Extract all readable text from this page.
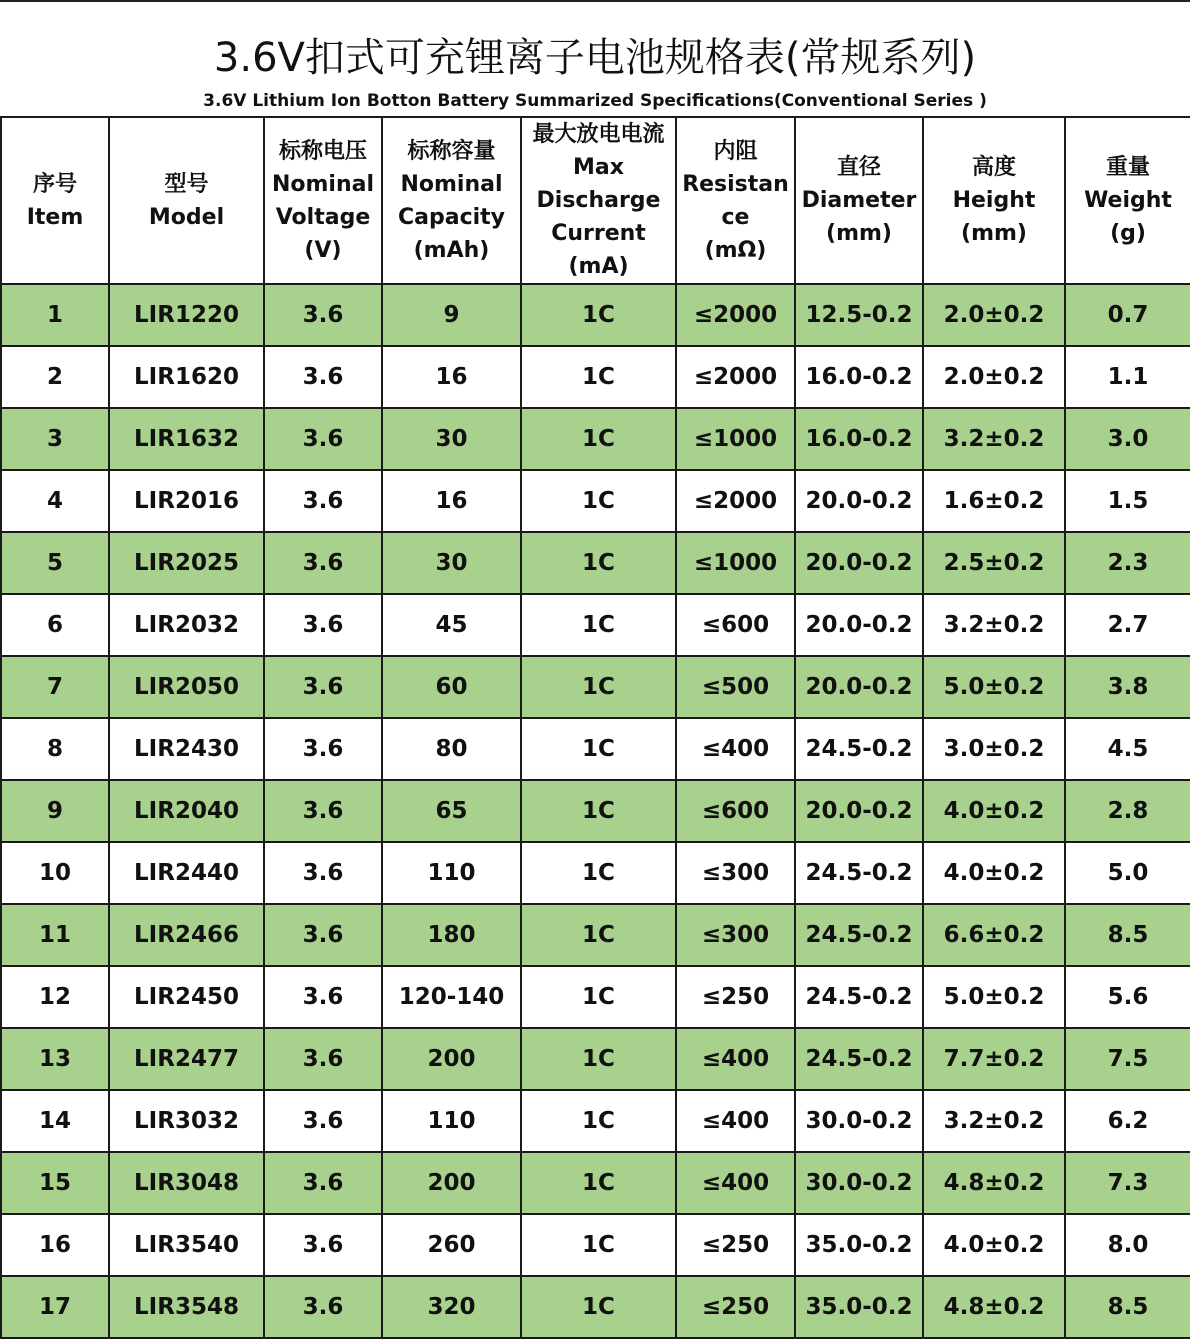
3.6V扣式可充锂离子电池规格表(常规系列)
3.6V Lithium Ion Botton Battery Summarized Specifications(Conventional Series )
序号
Item	型号
Model	标称电压
Nominal
Voltage
(V)	标称容量
Nominal
Capacity
(mAh)	最大放电电流
Max
Discharge
Current
(mA)	内阻
Resistan
ce
(mΩ)	直径
Diameter
(mm)	高度
Height
(mm)	重量
Weight
(g)

1	LIR1220	3.6	9	1C	≤2000	12.5-0.2	2.0±0.2	0.7
2	LIR1620	3.6	16	1C	≤2000	16.0-0.2	2.0±0.2	1.1
3	LIR1632	3.6	30	1C	≤1000	16.0-0.2	3.2±0.2	3.0
4	LIR2016	3.6	16	1C	≤2000	20.0-0.2	1.6±0.2	1.5
5	LIR2025	3.6	30	1C	≤1000	20.0-0.2	2.5±0.2	2.3
6	LIR2032	3.6	45	1C	≤600	20.0-0.2	3.2±0.2	2.7
7	LIR2050	3.6	60	1C	≤500	20.0-0.2	5.0±0.2	3.8
8	LIR2430	3.6	80	1C	≤400	24.5-0.2	3.0±0.2	4.5
9	LIR2040	3.6	65	1C	≤600	20.0-0.2	4.0±0.2	2.8
10	LIR2440	3.6	110	1C	≤300	24.5-0.2	4.0±0.2	5.0
11	LIR2466	3.6	180	1C	≤300	24.5-0.2	6.6±0.2	8.5
12	LIR2450	3.6	120-140	1C	≤250	24.5-0.2	5.0±0.2	5.6
13	LIR2477	3.6	200	1C	≤400	24.5-0.2	7.7±0.2	7.5
14	LIR3032	3.6	110	1C	≤400	30.0-0.2	3.2±0.2	6.2
15	LIR3048	3.6	200	1C	≤400	30.0-0.2	4.8±0.2	7.3
16	LIR3540	3.6	260	1C	≤250	35.0-0.2	4.0±0.2	8.0
17	LIR3548	3.6	320	1C	≤250	35.0-0.2	4.8±0.2	8.5
